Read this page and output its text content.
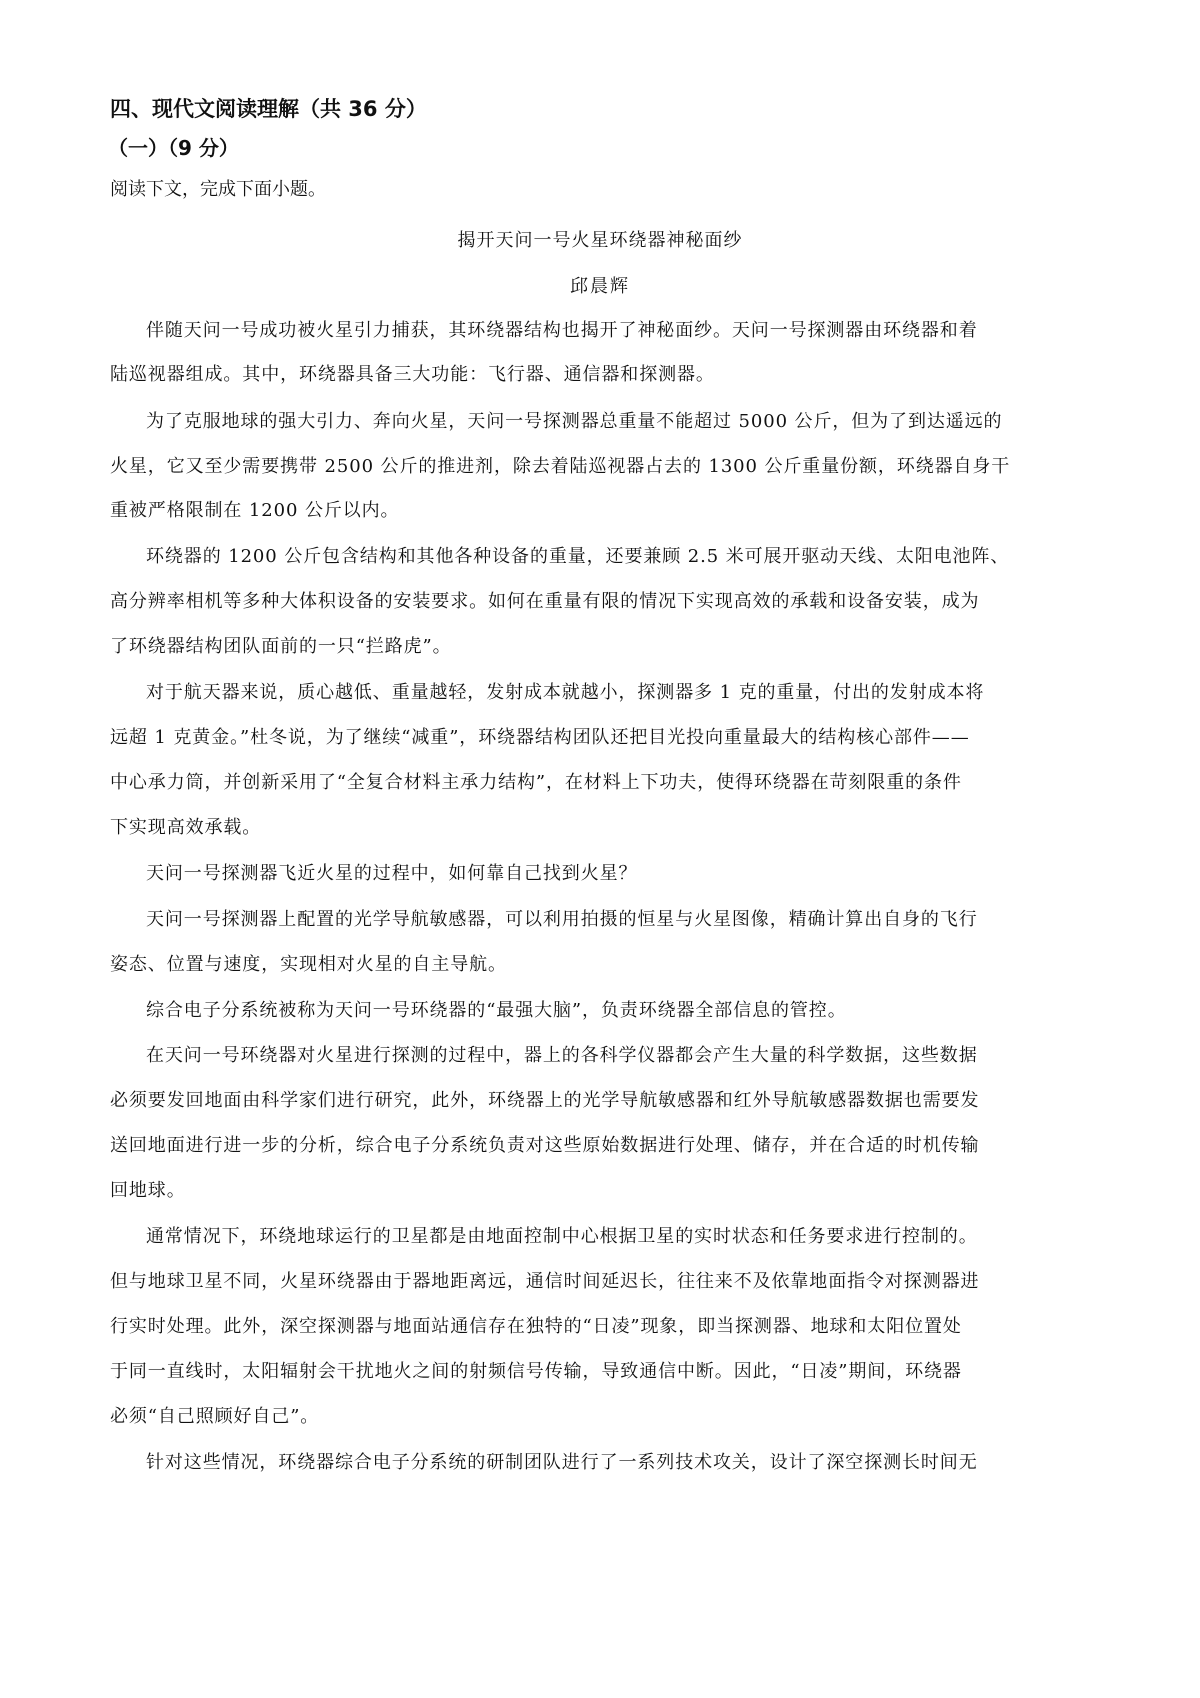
四、现代文阅读理解（共 36 分）
（一）（9 分）
阅读下文，完成下面小题。
揭开天问一号火星环绕器神秘面纱
邱晨辉
伴随天问一号成功被火星引力捕获，其环绕器结构也揭开了神秘面纱。天问一号探测器由环绕器和着
陆巡视器组成。其中，环绕器具备三大功能：飞行器、通信器和探测器。
为了克服地球的强大引力、奔向火星，天问一号探测器总重量不能超过 5000 公斤，但为了到达遥远的
火星，它又至少需要携带 2500 公斤的推进剂，除去着陆巡视器占去的 1300 公斤重量份额，环绕器自身干
重被严格限制在 1200 公斤以内。
环绕器的 1200 公斤包含结构和其他各种设备的重量，还要兼顾 2.5 米可展开驱动天线、太阳电池阵、
高分辨率相机等多种大体积设备的安装要求。如何在重量有限的情况下实现高效的承载和设备安装，成为
了环绕器结构团队面前的一只“拦路虎”。
对于航天器来说，质心越低、重量越轻，发射成本就越小，探测器多 1 克的重量，付出的发射成本将
远超 1 克黄金。”杜冬说，为了继续“减重”，环绕器结构团队还把目光投向重量最大的结构核心部件——
中心承力筒，并创新采用了“全复合材料主承力结构”，在材料上下功夫，使得环绕器在苛刻限重的条件
下实现高效承载。
天问一号探测器飞近火星的过程中，如何靠自己找到火星？
天问一号探测器上配置的光学导航敏感器，可以利用拍摄的恒星与火星图像，精确计算出自身的飞行
姿态、位置与速度，实现相对火星的自主导航。
综合电子分系统被称为天问一号环绕器的“最强大脑”，负责环绕器全部信息的管控。
在天问一号环绕器对火星进行探测的过程中，器上的各科学仪器都会产生大量的科学数据，这些数据
必须要发回地面由科学家们进行研究，此外，环绕器上的光学导航敏感器和红外导航敏感器数据也需要发
送回地面进行进一步的分析，综合电子分系统负责对这些原始数据进行处理、储存，并在合适的时机传输
回地球。
通常情况下，环绕地球运行的卫星都是由地面控制中心根据卫星的实时状态和任务要求进行控制的。
但与地球卫星不同，火星环绕器由于器地距离远，通信时间延迟长，往往来不及依靠地面指令对探测器进
行实时处理。此外，深空探测器与地面站通信存在独特的“日凌”现象，即当探测器、地球和太阳位置处
于同一直线时，太阳辐射会干扰地火之间的射频信号传输，导致通信中断。因此，“日凌”期间，环绕器
必须“自己照顾好自己”。
针对这些情况，环绕器综合电子分系统的研制团队进行了一系列技术攻关，设计了深空探测长时间无
